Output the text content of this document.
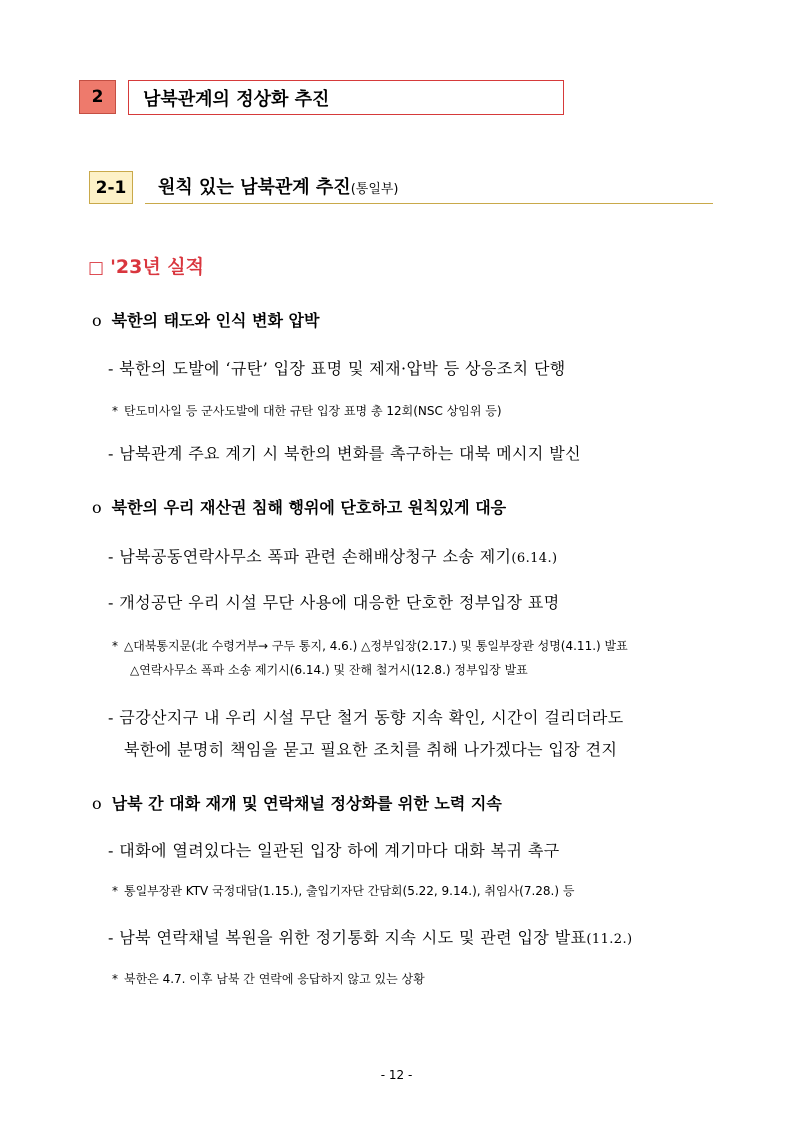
2	남북관계의 정상화 추진
2-1	원칙 있는 남북관계 추진(통일부)
□ '23년 실적
o 북한의 태도와 인식 변화 압박
- 북한의 도발에 ‘규탄’ 입장 표명 및 제재·압박 등 상응조치 단행
* 탄도미사일 등 군사도발에 대한 규탄 입장 표명 총 12회(NSC 상임위 등)
- 남북관계 주요 계기 시 북한의 변화를 촉구하는 대북 메시지 발신
o 북한의 우리 재산권 침해 행위에 단호하고 원칙있게 대응
- 남북공동연락사무소 폭파 관련 손해배상청구 소송 제기(6.14.)
- 개성공단 우리 시설 무단 사용에 대응한 단호한 정부입장 표명
* △대북통지문(北 수령거부→ 구두 통지, 4.6.) △정부입장(2.17.) 및 통일부장관 성명(4.11.) 발표
△연락사무소 폭파 소송 제기시(6.14.) 및 잔해 철거시(12.8.) 정부입장 발표
- 금강산지구 내 우리 시설 무단 철거 동향 지속 확인, 시간이 걸리더라도
북한에 분명히 책임을 묻고 필요한 조치를 취해 나가겠다는 입장 견지
o 남북 간 대화 재개 및 연락채널 정상화를 위한 노력 지속
- 대화에 열려있다는 일관된 입장 하에 계기마다 대화 복귀 촉구
* 통일부장관 KTV 국정대담(1.15.), 출입기자단 간담회(5.22, 9.14.), 취임사(7.28.) 등
- 남북 연락채널 복원을 위한 정기통화 지속 시도 및 관련 입장 발표(11.2.)
* 북한은 4.7. 이후 남북 간 연락에 응답하지 않고 있는 상황
- 12 -
